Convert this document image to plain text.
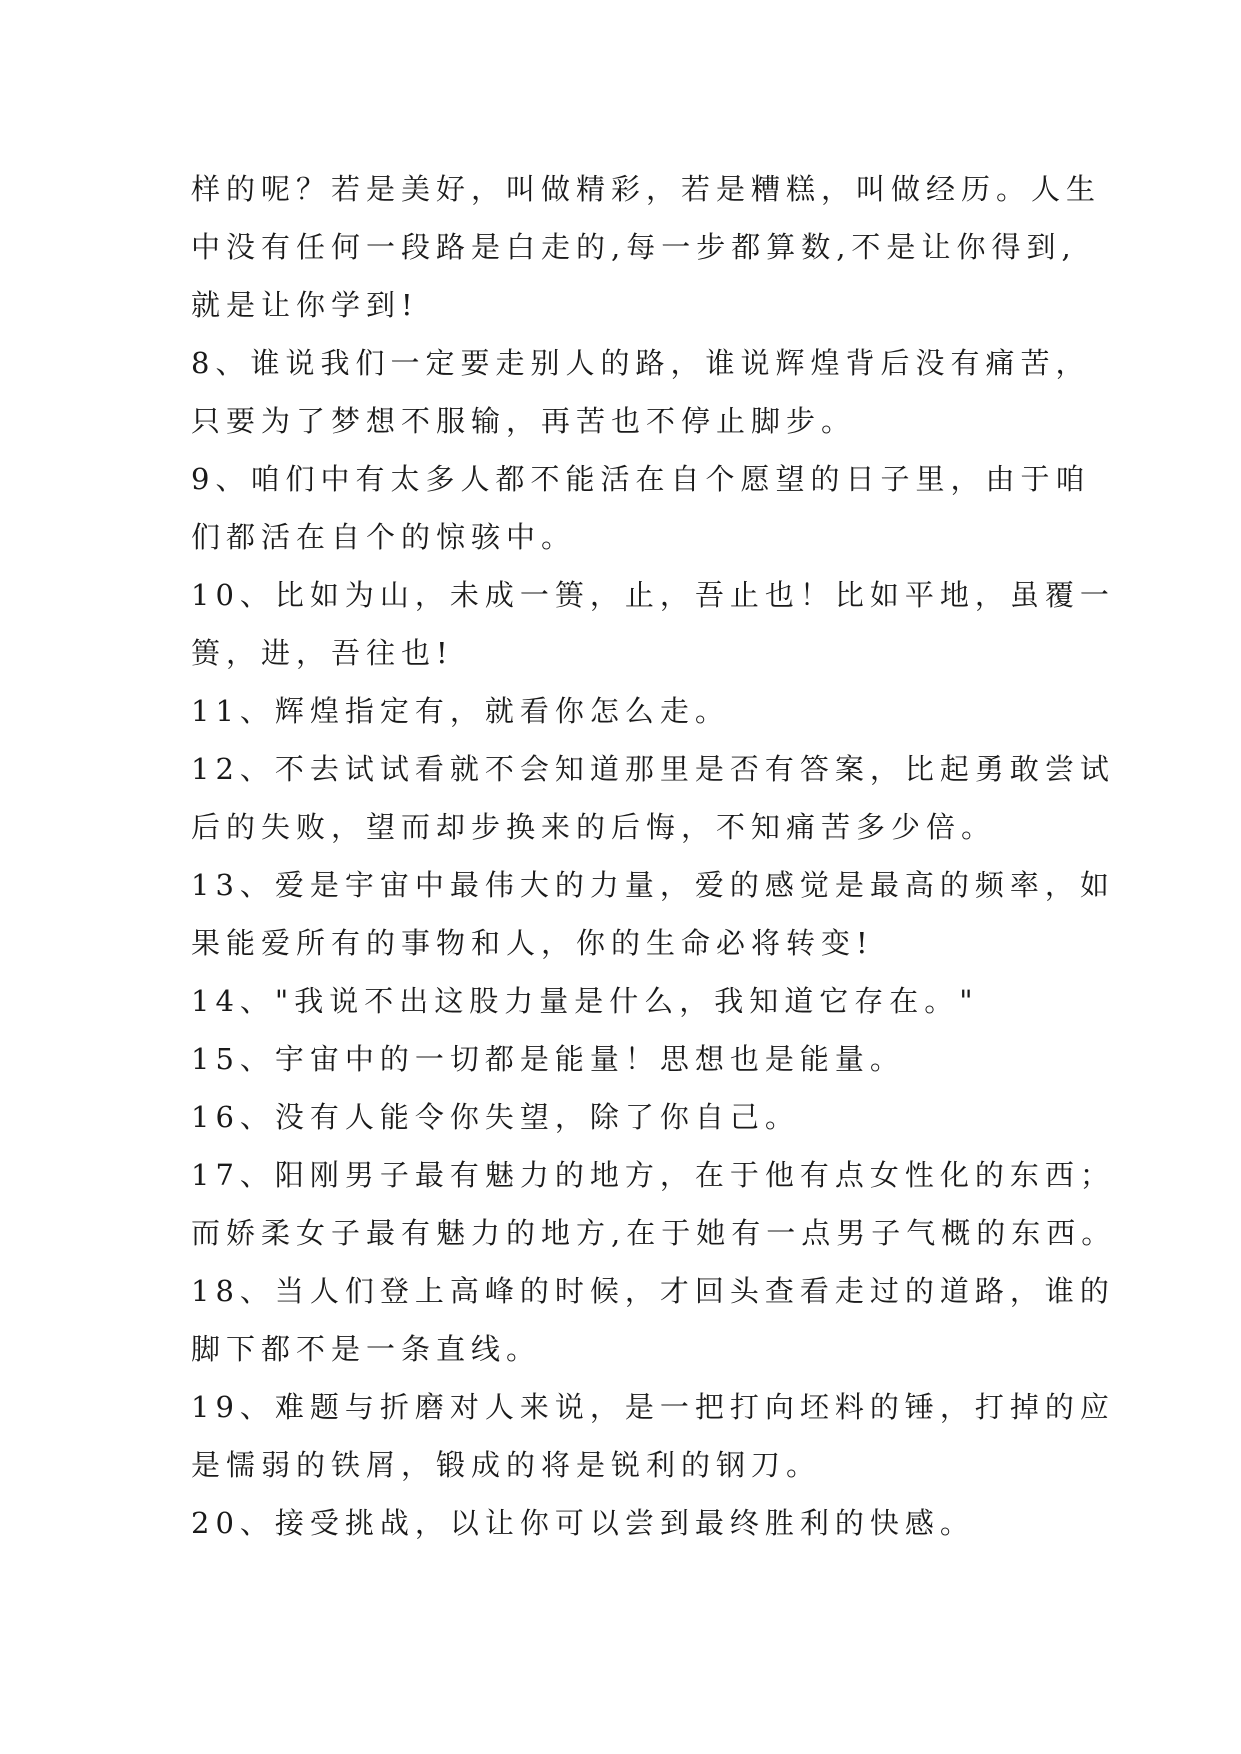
样的呢？若是美好，叫做精彩，若是糟糕，叫做经历。人生
中没有任何一段路是白走的,每一步都算数,不是让你得到,
就是让你学到!
8、谁说我们一定要走别人的路，谁说辉煌背后没有痛苦，
只要为了梦想不服输，再苦也不停止脚步。
9、咱们中有太多人都不能活在自个愿望的日子里，由于咱
们都活在自个的惊骇中。
10、比如为山，未成一篑，止，吾止也！比如平地，虽覆一
篑，进，吾往也!
11、辉煌指定有，就看你怎么走。
12、不去试试看就不会知道那里是否有答案，比起勇敢尝试
后的失败，望而却步换来的后悔，不知痛苦多少倍。
13、爱是宇宙中最伟大的力量，爱的感觉是最高的频率，如
果能爱所有的事物和人，你的生命必将转变!
14、"我说不出这股力量是什么，我知道它存在。"
15、宇宙中的一切都是能量！思想也是能量。
16、没有人能令你失望，除了你自己。
17、阳刚男子最有魅力的地方，在于他有点女性化的东西；
而娇柔女子最有魅力的地方,在于她有一点男子气概的东西。
18、当人们登上高峰的时候，才回头查看走过的道路，谁的
脚下都不是一条直线。
19、难题与折磨对人来说，是一把打向坯料的锤，打掉的应
是懦弱的铁屑，锻成的将是锐利的钢刀。
20、接受挑战，以让你可以尝到最终胜利的快感。
